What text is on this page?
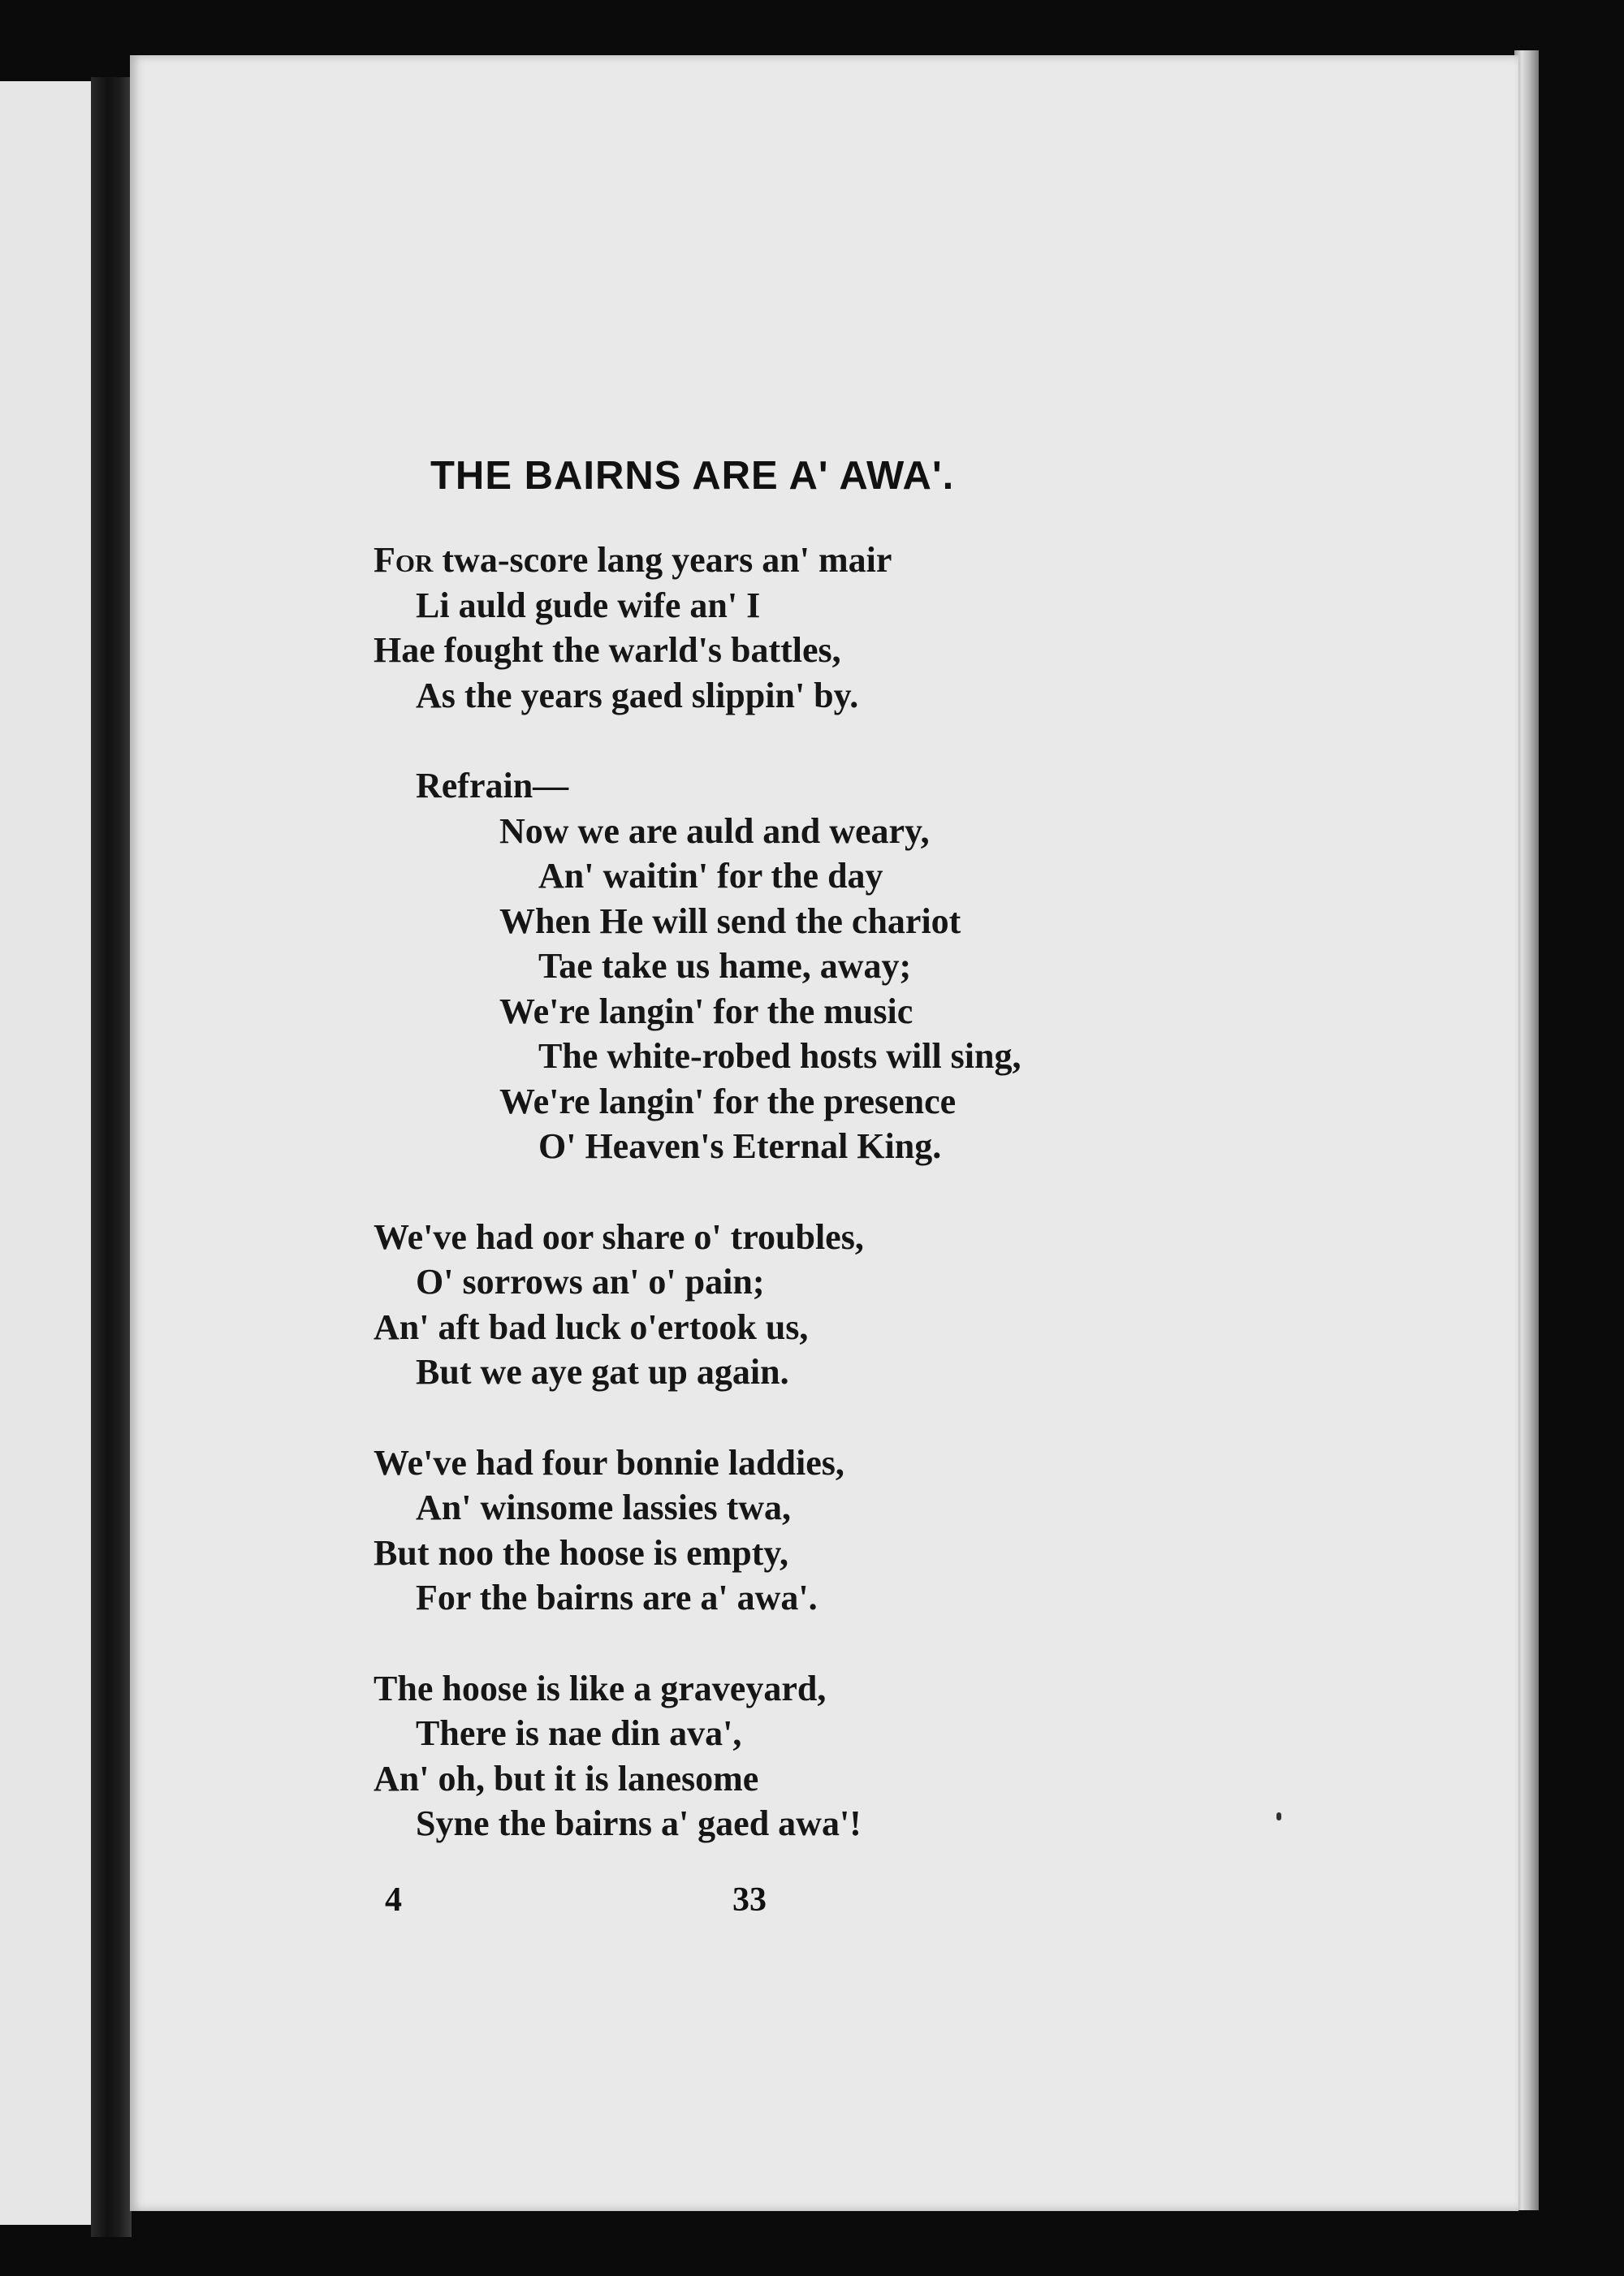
THE BAIRNS ARE A' AWA'.
For twa-score lang years an' mair
Li auld gude wife an' I
Hae fought the warld's battles,
As the years gaed slippin' by.
Refrain—
Now we are auld and weary,
An' waitin' for the day
When He will send the chariot
Tae take us hame, away;
We're langin' for the music
The white-robed hosts will sing,
We're langin' for the presence
O' Heaven's Eternal King.
We've had oor share o' troubles,
O' sorrows an' o' pain;
An' aft bad luck o'ertook us,
But we aye gat up again.
We've had four bonnie laddies,
An' winsome lassies twa,
But noo the hoose is empty,
For the bairns are a' awa'.
The hoose is like a graveyard,
There is nae din ava',
An' oh, but it is lanesome
Syne the bairns a' gaed awa'!
4	33
